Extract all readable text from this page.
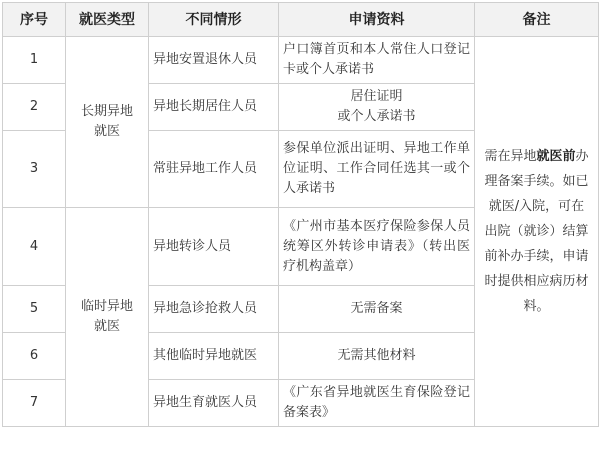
序号	就医类型	不同情形	申请资料	备注
1	长期异地就医	异地安置退休人员	户口簿首页和本人常住人口登记卡或个人承诺书	需在异地就医前办理备案手续。如已就医/入院，可在出院（就诊）结算前补办手续，申请时提供相应病历材料。
2		异地长期居住人员	居住证明
或个人承诺书	

3		常驻异地工作人员	参保单位派出证明、异地工作单位证明、工作合同任选其一或个人承诺书	
4	临时异地就医	异地转诊人员	《广州市基本医疗保险参保人员统筹区外转诊申请表》（转出医疗机构盖章）	
5		异地急诊抢救人员	无需备案	
6		其他临时异地就医	无需其他材料	
7		异地生育就医人员	《广东省异地就医生育保险登记备案表》	
